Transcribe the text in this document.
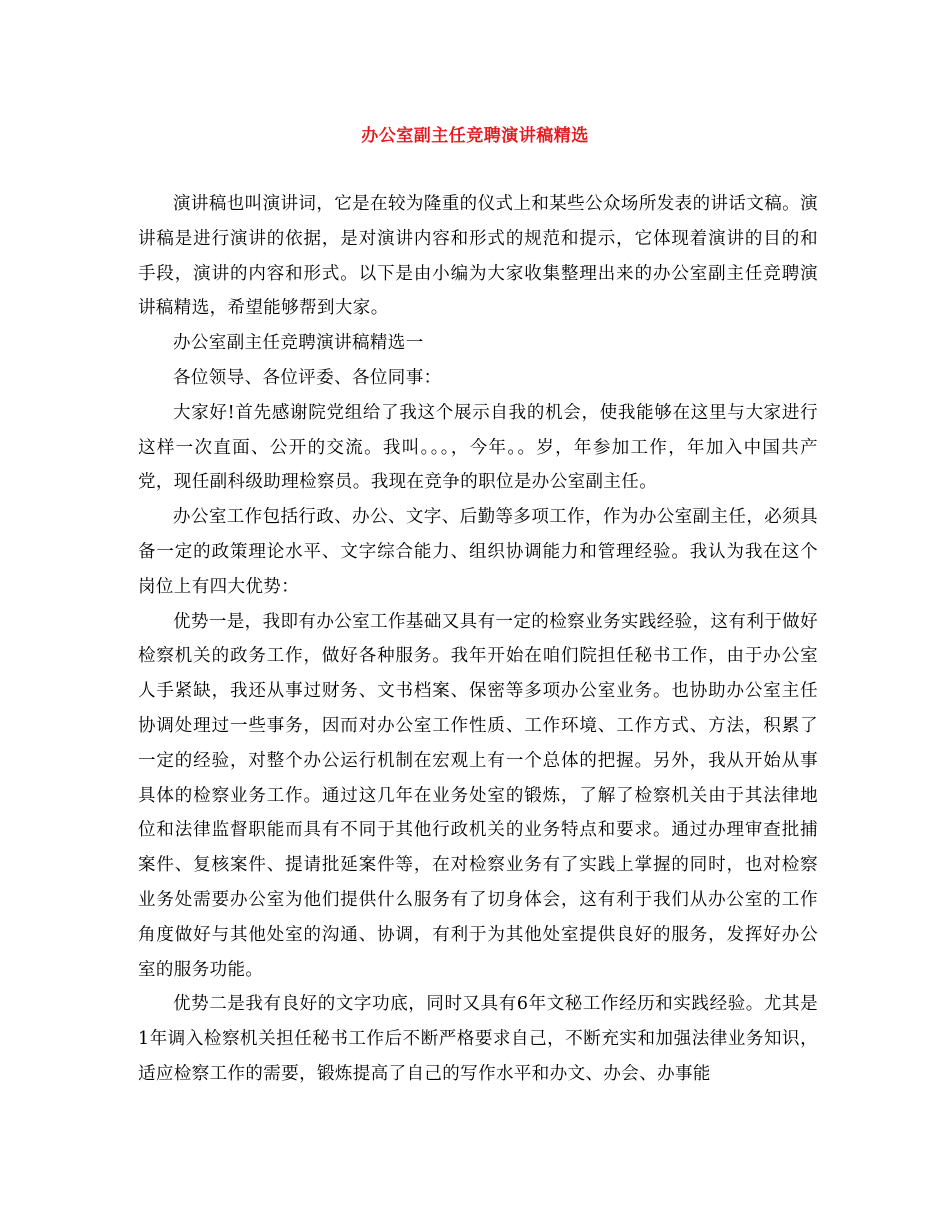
办公室副主任竞聘演讲稿精选

演讲稿也叫演讲词，它是在较为隆重的仪式上和某些公众场所发表的讲话文稿。演讲稿是进行演讲的依据，是对演讲内容和形式的规范和提示，它体现着演讲的目的和手段，演讲的内容和形式。以下是由小编为大家收集整理出来的办公室副主任竞聘演讲稿精选，希望能够帮到大家。

办公室副主任竞聘演讲稿精选一

各位领导、各位评委、各位同事：

大家好!首先感谢院党组给了我这个展示自我的机会，使我能够在这里与大家进行这样一次直面、公开的交流。我叫。。。，今年。。岁，年参加工作，年加入中国共产党，现任副科级助理检察员。我现在竞争的职位是办公室副主任。

办公室工作包括行政、办公、文字、后勤等多项工作，作为办公室副主任，必须具备一定的政策理论水平、文字综合能力、组织协调能力和管理经验。我认为我在这个岗位上有四大优势：

优势一是，我即有办公室工作基础又具有一定的检察业务实践经验，这有利于做好检察机关的政务工作，做好各种服务。我年开始在咱们院担任秘书工作，由于办公室人手紧缺，我还从事过财务、文书档案、保密等多项办公室业务。也协助办公室主任协调处理过一些事务，因而对办公室工作性质、工作环境、工作方式、方法，积累了一定的经验，对整个办公运行机制在宏观上有一个总体的把握。另外，我从开始从事具体的检察业务工作。通过这几年在业务处室的锻炼，了解了检察机关由于其法律地位和法律监督职能而具有不同于其他行政机关的业务特点和要求。通过办理审查批捕案件、复核案件、提请批延案件等，在对检察业务有了实践上掌握的同时，也对检察业务处需要办公室为他们提供什么服务有了切身体会，这有利于我们从办公室的工作角度做好与其他处室的沟通、协调，有利于为其他处室提供良好的服务，发挥好办公室的服务功能。

优势二是我有良好的文字功底，同时又具有6年文秘工作经历和实践经验。尤其是1年调入检察机关担任秘书工作后不断严格要求自己，不断充实和加强法律业务知识，适应检察工作的需要，锻炼提高了自己的写作水平和办文、办会、办事能
